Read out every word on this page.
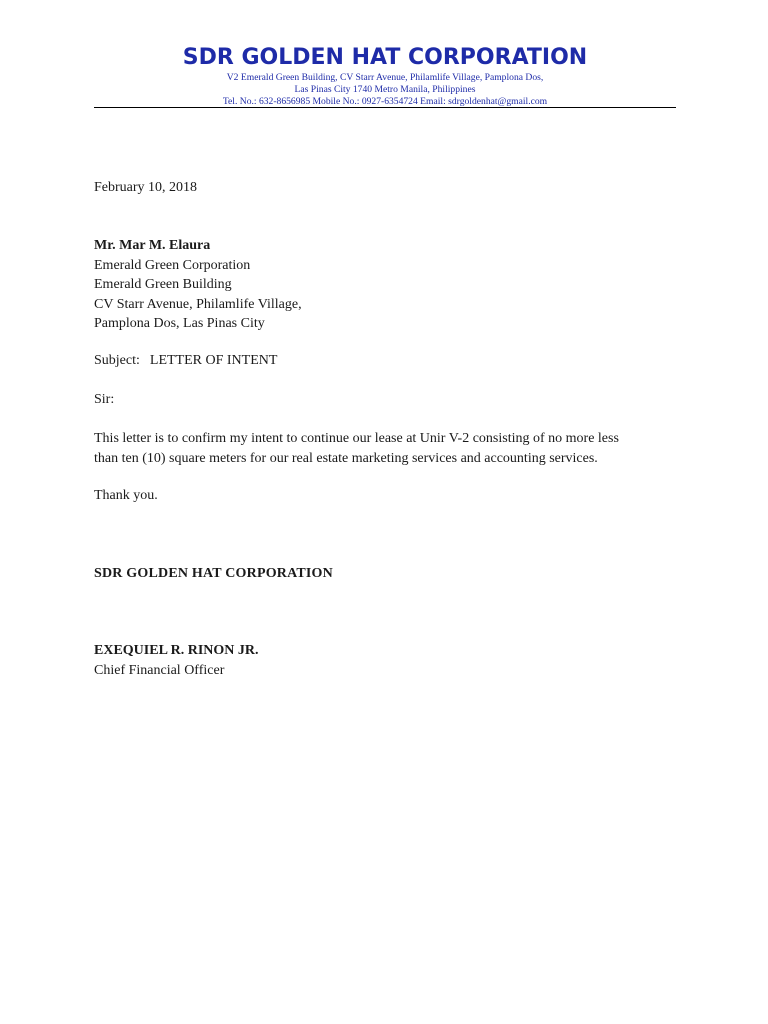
SDR GOLDEN HAT CORPORATION
V2 Emerald Green Building, CV Starr Avenue, Philamlife Village, Pamplona Dos,
Las Pinas City 1740 Metro Manila, Philippines
Tel. No.: 632-8656985 Mobile No.: 0927-6354724 Email: sdrgoldenhat@gmail.com
February 10, 2018
Mr. Mar M. Elaura
Emerald Green Corporation
Emerald Green Building
CV Starr Avenue, Philamlife Village,
Pamplona Dos, Las Pinas City
Subject: LETTER OF INTENT
Sir:
This letter is to confirm my intent to continue our lease at Unir V-2 consisting of no more less
than ten (10) square meters for our real estate marketing services and accounting services.
Thank you.
SDR GOLDEN HAT CORPORATION
EXEQUIEL R. RINON JR.
Chief Financial Officer
